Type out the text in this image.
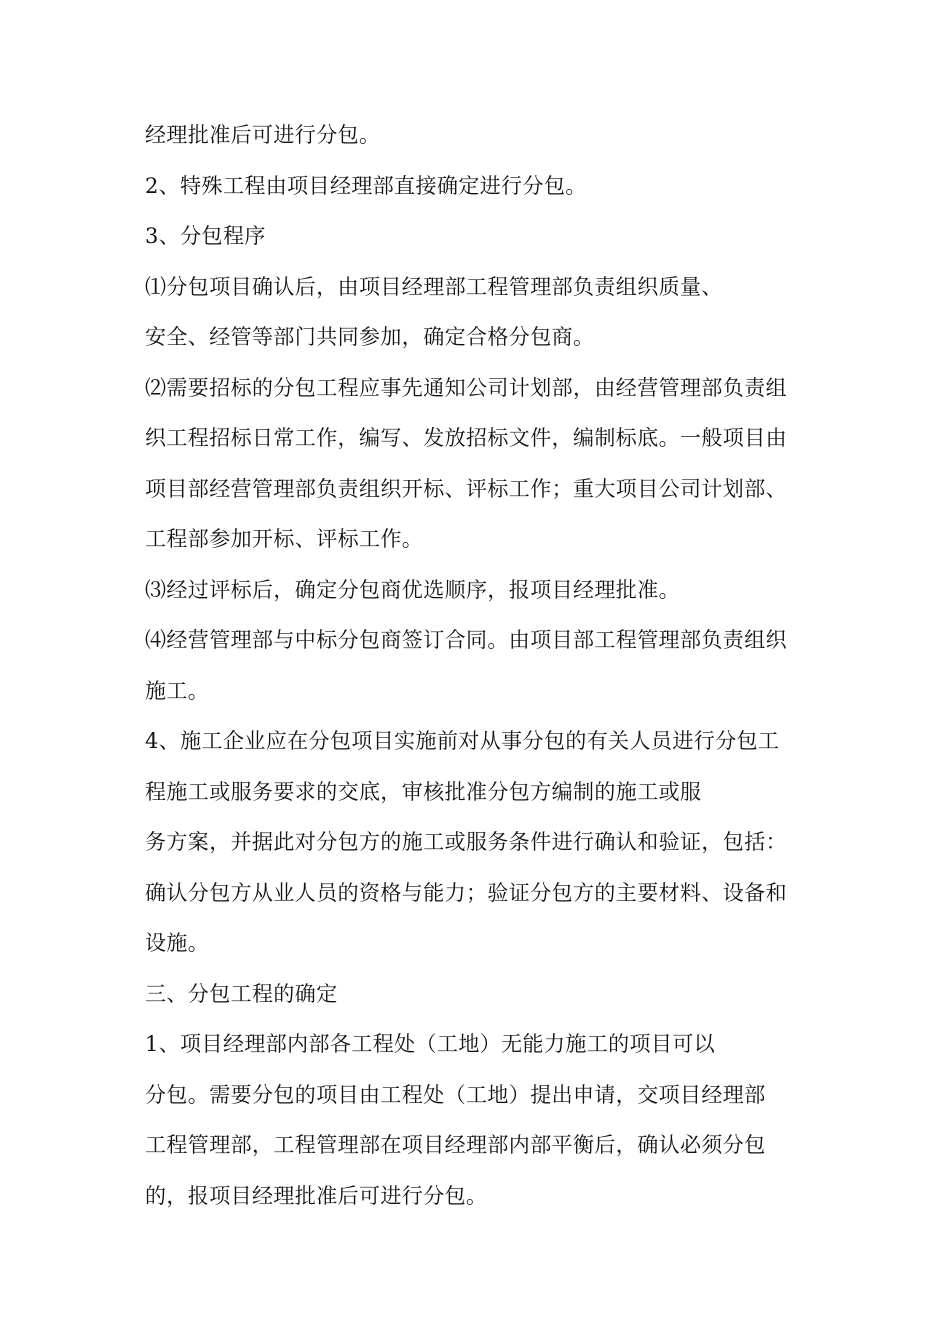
经理批准后可进行分包。
2、特殊工程由项目经理部直接确定进行分包。
3、分包程序
⑴分包项目确认后，由项目经理部工程管理部负责组织质量、
安全、经管等部门共同参加，确定合格分包商。
⑵需要招标的分包工程应事先通知公司计划部，由经营管理部负责组
织工程招标日常工作，编写、发放招标文件，编制标底。一般项目由
项目部经营管理部负责组织开标、评标工作；重大项目公司计划部、
工程部参加开标、评标工作。
⑶经过评标后，确定分包商优选顺序，报项目经理批准。
⑷经营管理部与中标分包商签订合同。由项目部工程管理部负责组织
施工。
4、施工企业应在分包项目实施前对从事分包的有关人员进行分包工
程施工或服务要求的交底，审核批准分包方编制的施工或服
务方案，并据此对分包方的施工或服务条件进行确认和验证，包括：
确认分包方从业人员的资格与能力；验证分包方的主要材料、设备和
设施。
三、分包工程的确定
1、项目经理部内部各工程处（工地）无能力施工的项目可以
分包。需要分包的项目由工程处（工地）提出申请，交项目经理部
工程管理部，工程管理部在项目经理部内部平衡后，确认必须分包
的，报项目经理批准后可进行分包。
